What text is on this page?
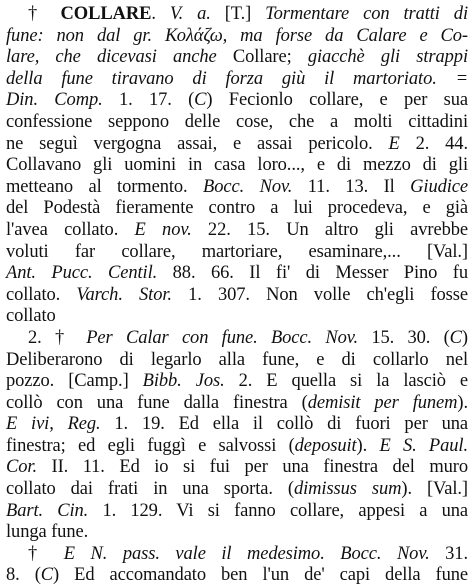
† COLLARE. V. a. [T.] Tormentare con tratti di
fune: non dal gr. Κολάζω, ma forse da Calare e Co-
lare, che dicevasi anche Collare; giacchè gli strappi
della fune tiravano di forza giù il martoriato. =
Din. Comp. 1. 17. (C) Fecionlo collare, e per sua
confessione seppono delle cose, che a molti cittadini
ne seguì vergogna assai, e assai pericolo. E 2. 44.
Collavano gli uomini in casa loro..., e di mezzo di gli
metteano al tormento. Bocc. Nov. 11. 13. Il Giudice
del Podestà fieramente contro a lui procedeva, e già
l'avea collato. E nov. 22. 15. Un altro gli avrebbe
voluti far collare, martoriare, esaminare,... [Val.]
Ant. Pucc. Centil. 88. 66. Il fi' di Messer Pino fu
collato. Varch. Stor. 1. 307. Non volle ch'egli fosse
collato
2. † Per Calar con fune. Bocc. Nov. 15. 30. (C)
Deliberarono di legarlo alla fune, e di collarlo nel
pozzo. [Camp.] Bibb. Jos. 2. E quella si la lasciò e
collò con una fune dalla finestra (demisit per funem).
E ivi, Reg. 1. 19. Ed ella il collò di fuori per una
finestra; ed egli fuggì e salvossi (deposuit). E S. Paul.
Cor. II. 11. Ed io si fui per una finestra del muro
collato dai frati in una sporta. (dimissus sum). [Val.]
Bart. Cin. 1. 129. Vi si fanno collare, appesi a una
lunga fune.
† E N. pass. vale il medesimo. Bocc. Nov. 31.
8. (C) Ed accomandato ben l'un de' capi della fune
